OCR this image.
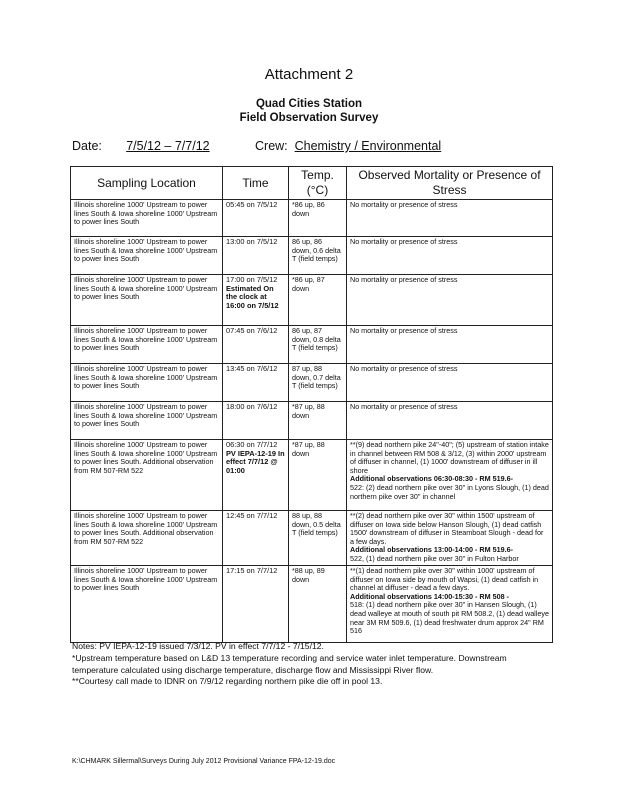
Attachment 2
Quad Cities Station
Field Observation Survey
Date: 7/5/12 – 7/7/12	Crew: Chemistry / Environmental
Sampling Location	Time	Temp. (°C)	Observed Mortality or Presence of Stress
Illinois shoreline 1000' Upstream to power lines South & Iowa shoreline 1000' Upstream to power lines South	05:45 on 7/5/12	*86 up, 86 down	No mortality or presence of stress
Illinois shoreline 1000' Upstream to power lines South & Iowa shoreline 1000' Upstream to power lines South	13:00 on 7/5/12	86 up, 86 down, 0.6 delta T (field temps)	No mortality or presence of stress
Illinois shoreline 1000' Upstream to power lines South & Iowa shoreline 1000' Upstream to power lines South	17:00 on 7/5/12
Estimated On the clock at 16:00 on 7/5/12	*86 up, 87 down	No mortality or presence of stress
Illinois shoreline 1000' Upstream to power lines South & Iowa shoreline 1000' Upstream to power lines South	07:45 on 7/6/12	86 up, 87 down, 0.8 delta T (field temps)	No mortality or presence of stress
Illinois shoreline 1000' Upstream to power lines South & Iowa shoreline 1000' Upstream to power lines South	13:45 on 7/6/12	87 up, 88 down, 0.7 delta T (field temps)	No mortality or presence of stress
Illinois shoreline 1000' Upstream to power lines South & Iowa shoreline 1000' Upstream to power lines South	18:00 on 7/6/12	*87 up, 88 down	No mortality or presence of stress
Illinois shoreline 1000' Upstream to power lines South & Iowa shoreline 1000' Upstream to power lines South. Additional observation from RM 507-RM 522	06:30 on 7/7/12
PV IEPA-12-19 In effect 7/7/12 @ 01:00	*87 up, 88 down	**(9) dead northern pike 24"-40"; (5) upstream of station intake in channel between RM 508 & 3/12, (3) within 2000' upstream of diffuser in channel, (1) 1000' downstream of diffuser in ill shore
Additional observations 06:30-08:30 - RM 519.6-
522: (2) dead northern pike over 30" in Lyons Slough, (1) dead northern pike over 30" in channel
Illinois shoreline 1000' Upstream to power lines South & Iowa shoreline 1000' Upstream to power lines South. Additional observation from RM 507-RM 522	12:45 on 7/7/12	88 up, 88 down, 0.5 delta T (field temps)	**(2) dead northern pike over 30" within 1500' upstream of diffuser on Iowa side below Hanson Slough, (1) dead catfish 1500' downstream of diffuser in Steamboat Slough - dead for a few days.
Additional observations 13:00-14:00 - RM 519.6-
522, (1) dead northern pike over 30" in Fulton Harbor
Illinois shoreline 1000' Upstream to power lines South & Iowa shoreline 1000' Upstream to power lines South	17:15 on 7/7/12	*88 up, 89 down	**(1) dead northern pike over 30" within 1000' upstream of diffuser on Iowa side by mouth of Wapsi, (1) dead catfish in channel at diffuser - dead a few days.
Additional observations 14:00-15:30 - RM 508 -
518: (1) dead northern pike over 30" in Hansen Slough, (1) dead walleye at mouth of south pit RM 508.2, (1) dead walleye near 3M RM 509.6, (1) dead freshwater drum approx 24" RM 516
Notes: PV IEPA-12-19 issued 7/3/12. PV in effect 7/7/12 - 7/15/12.
*Upstream temperature based on L&D 13 temperature recording and service water inlet temperature. Downstream temperature calculated using discharge temperature, discharge flow and Mississippi River flow.
**Courtesy call made to IDNR on 7/9/12 regarding northern pike die off in pool 13.
K:\CHMARK Sillermal\Surveys During July 2012 Provisional Variance FPA-12-19.doc
